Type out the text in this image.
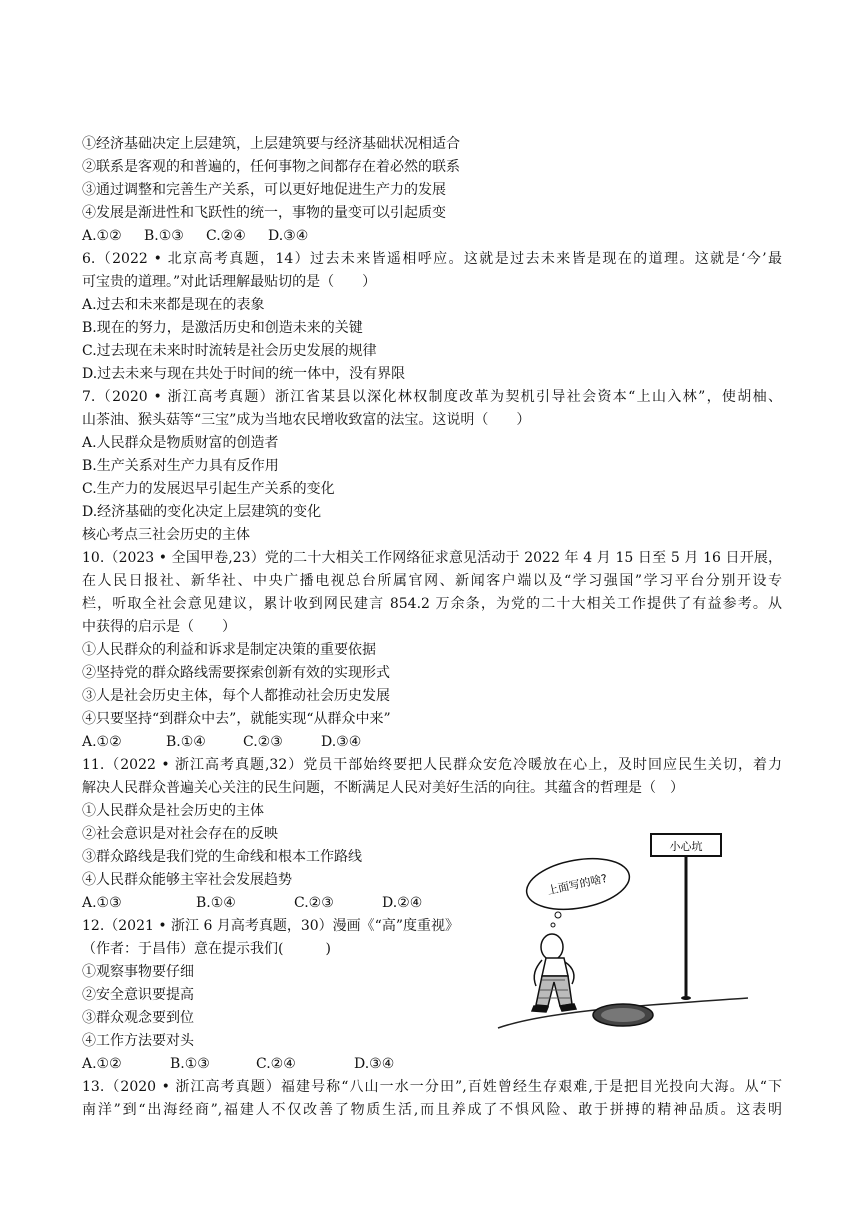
①经济基础决定上层建筑，上层建筑要与经济基础状况相适合
②联系是客观的和普遍的，任何事物之间都存在着必然的联系
③通过调整和完善生产关系，可以更好地促进生产力的发展
④发展是渐进性和飞跃性的统一，事物的量变可以引起质变
A.①② B.①③ C.②④ D.③④
6.（2022 • 北京高考真题，14）过去未来皆遥相呼应。这就是过去未来皆是现在的道理。这就是‘今’最
可宝贵的道理。”对此话理解最贴切的是（　　）
A.过去和未来都是现在的表象
B.现在的努力，是激活历史和创造未来的关键
C.过去现在未来时时流转是社会历史发展的规律
D.过去未来与现在共处于时间的统一体中，没有界限
7.（2020 • 浙江高考真题）浙江省某县以深化林权制度改革为契机引导社会资本“上山入林”，使胡柚、
山茶油、猴头菇等“三宝”成为当地农民增收致富的法宝。这说明（　　）
A.人民群众是物质财富的创造者
B.生产关系对生产力具有反作用
C.生产力的发展迟早引起生产关系的变化
D.经济基础的变化决定上层建筑的变化
核心考点三社会历史的主体
10.（2023 • 全国甲卷,23）党的二十大相关工作网络征求意见活动于 2022 年 4 月 15 日至 5 月 16 日开展，
在人民日报社、新华社、中央广播电视总台所属官网、新闻客户端以及“学习强国”学习平台分别开设专
栏，听取全社会意见建议，累计收到网民建言 854.2 万余条，为党的二十大相关工作提供了有益参考。从
中获得的启示是（　　）
①人民群众的利益和诉求是制定决策的重要依据
②坚持党的群众路线需要探索创新有效的实现形式
③人是社会历史主体，每个人都推动社会历史发展
④只要坚持“到群众中去”，就能实现“从群众中来”
A.①②	B.①④	C.②③	D.③④
11.（2022 • 浙江高考真题,32）党员干部始终要把人民群众安危冷暖放在心上，及时回应民生关切，着力
解决人民群众普遍关心关注的民生问题，不断满足人民对美好生活的向往。其蕴含的哲理是（　）
①人民群众是社会历史的主体
②社会意识是对社会存在的反映
③群众路线是我们党的生命线和根本工作路线
④人民群众能够主宰社会发展趋势
A.①③	B.①④	C.②③	D.②④
12.（2021 • 浙江 6 月高考真题，30）漫画《“高”度重视》
（作者：于昌伟）意在提示我们(　　　)
①观察事物要仔细
②安全意识要提高
③群众观念要到位
④工作方法要对头
A.①②	B.①③	C.②④	D.③④
13.（2020 • 浙江高考真题）福建号称“八山一水一分田”,百姓曾经生存艰难,于是把目光投向大海。从“下
南洋”到“出海经商”,福建人不仅改善了物质生活,而且养成了不惧风险、敢于拼搏的精神品质。这表明
小心坑
上面写的啥?
